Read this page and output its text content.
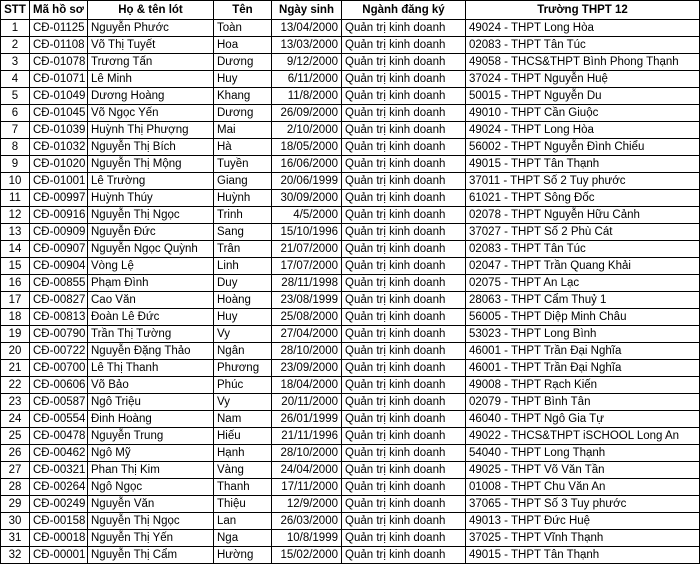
STT	Mã hồ sơ	Họ & tên lót	Tên	Ngày sinh	Ngành đăng ký	Trường THPT 12
1	CĐ-01125	Nguyễn Phước	Toàn	13/04/2000	Quản trị kinh doanh	49024 - THPT Long Hòa
2	CĐ-01108	Võ Thị Tuyết	Hoa	13/03/2000	Quản trị kinh doanh	02083 - THPT Tân Túc
3	CĐ-01078	Trương Tấn	Dương	9/12/2000	Quản trị kinh doanh	49058 - THCS&THPT Bình Phong Thạnh
4	CĐ-01071	Lê Minh	Huy	6/11/2000	Quản trị kinh doanh	37024 - THPT Nguyễn Huệ
5	CĐ-01049	Dương Hoàng	Khang	11/8/2000	Quản trị kinh doanh	50015 - THPT Nguyễn Du
6	CĐ-01045	Võ Ngọc Yến	Dương	26/09/2000	Quản trị kinh doanh	49010 - THPT Cần Giuộc
7	CĐ-01039	Huỳnh Thị Phượng	Mai	2/10/2000	Quản trị kinh doanh	49024 - THPT Long Hòa
8	CĐ-01032	Nguyễn Thị Bích	Hà	18/05/2000	Quản trị kinh doanh	56002 - THPT Nguyễn Đình Chiểu
9	CĐ-01020	Nguyễn Thị Mộng	Tuyền	16/06/2000	Quản trị kinh doanh	49015 - THPT Tân Thạnh
10	CĐ-01001	Lê Trường	Giang	20/06/1999	Quản trị kinh doanh	37011 - THPT Số 2 Tuy phước
11	CĐ-00997	Huỳnh Thúy	Huỳnh	30/09/2000	Quản trị kinh doanh	61021 - THPT Sông Đốc
12	CĐ-00916	Nguyễn Thị Ngọc	Trinh	4/5/2000	Quản trị kinh doanh	02078 - THPT Nguyễn Hữu Cảnh
13	CĐ-00909	Nguyễn Đức	Sang	15/10/1996	Quản trị kinh doanh	37027 - THPT Số 2 Phù Cát
14	CĐ-00907	Nguyễn Ngọc Quỳnh	Trân	21/07/2000	Quản trị kinh doanh	02083 - THPT Tân Túc
15	CĐ-00904	Vòng Lệ	Linh	17/07/2000	Quản trị kinh doanh	02047 - THPT Trần Quang Khải
16	CĐ-00855	Phạm Đình	Duy	28/11/1998	Quản trị kinh doanh	02075 - THPT An Lạc
17	CĐ-00827	Cao Văn	Hoàng	23/08/1999	Quản trị kinh doanh	28063 - THPT Cẩm Thuỷ 1
18	CĐ-00813	Đoàn Lê Đức	Huy	25/08/2000	Quản trị kinh doanh	56005 - THPT Diệp Minh Châu
19	CĐ-00790	Trần Thị Tường	Vy	27/04/2000	Quản trị kinh doanh	53023 - THPT Long Bình
20	CĐ-00722	Nguyễn Đặng Thảo	Ngân	28/10/2000	Quản trị kinh doanh	46001 - THPT Trần Đại Nghĩa
21	CĐ-00700	Lê Thị Thanh	Phương	23/09/2000	Quản trị kinh doanh	46001 - THPT Trần Đại Nghĩa
22	CĐ-00606	Võ Bảo	Phúc	18/04/2000	Quản trị kinh doanh	49008 - THPT Rạch Kiến
23	CĐ-00587	Ngô Triệu	Vy	20/11/2000	Quản trị kinh doanh	02079 - THPT Bình Tân
24	CĐ-00554	Đinh Hoàng	Nam	26/01/1999	Quản trị kinh doanh	46040 - THPT Ngô Gia Tự
25	CĐ-00478	Nguyễn Trung	Hiếu	21/11/1996	Quản trị kinh doanh	49022 - THCS&THPT iSCHOOL Long An
26	CĐ-00462	Ngô Mỹ	Hạnh	28/10/2000	Quản trị kinh doanh	54040 - THPT Long Thạnh
27	CĐ-00321	Phan Thị Kim	Vàng	24/04/2000	Quản trị kinh doanh	49025 - THPT Võ Văn Tần
28	CĐ-00264	Ngô Ngọc	Thanh	17/11/2000	Quản trị kinh doanh	01008 - THPT Chu Văn An
29	CĐ-00249	Nguyễn Văn	Thiệu	12/9/2000	Quản trị kinh doanh	37065 - THPT Số 3 Tuy phước
30	CĐ-00158	Nguyễn Thị Ngọc	Lan	26/03/2000	Quản trị kinh doanh	49013 - THPT Đức Huệ
31	CĐ-00018	Nguyễn Thị Yến	Nga	10/8/1999	Quản trị kinh doanh	37025 - THPT Vĩnh Thạnh
32	CĐ-00001	Nguyễn Thị Cẩm	Hường	15/02/2000	Quản trị kinh doanh	49015 - THPT Tân Thạnh
